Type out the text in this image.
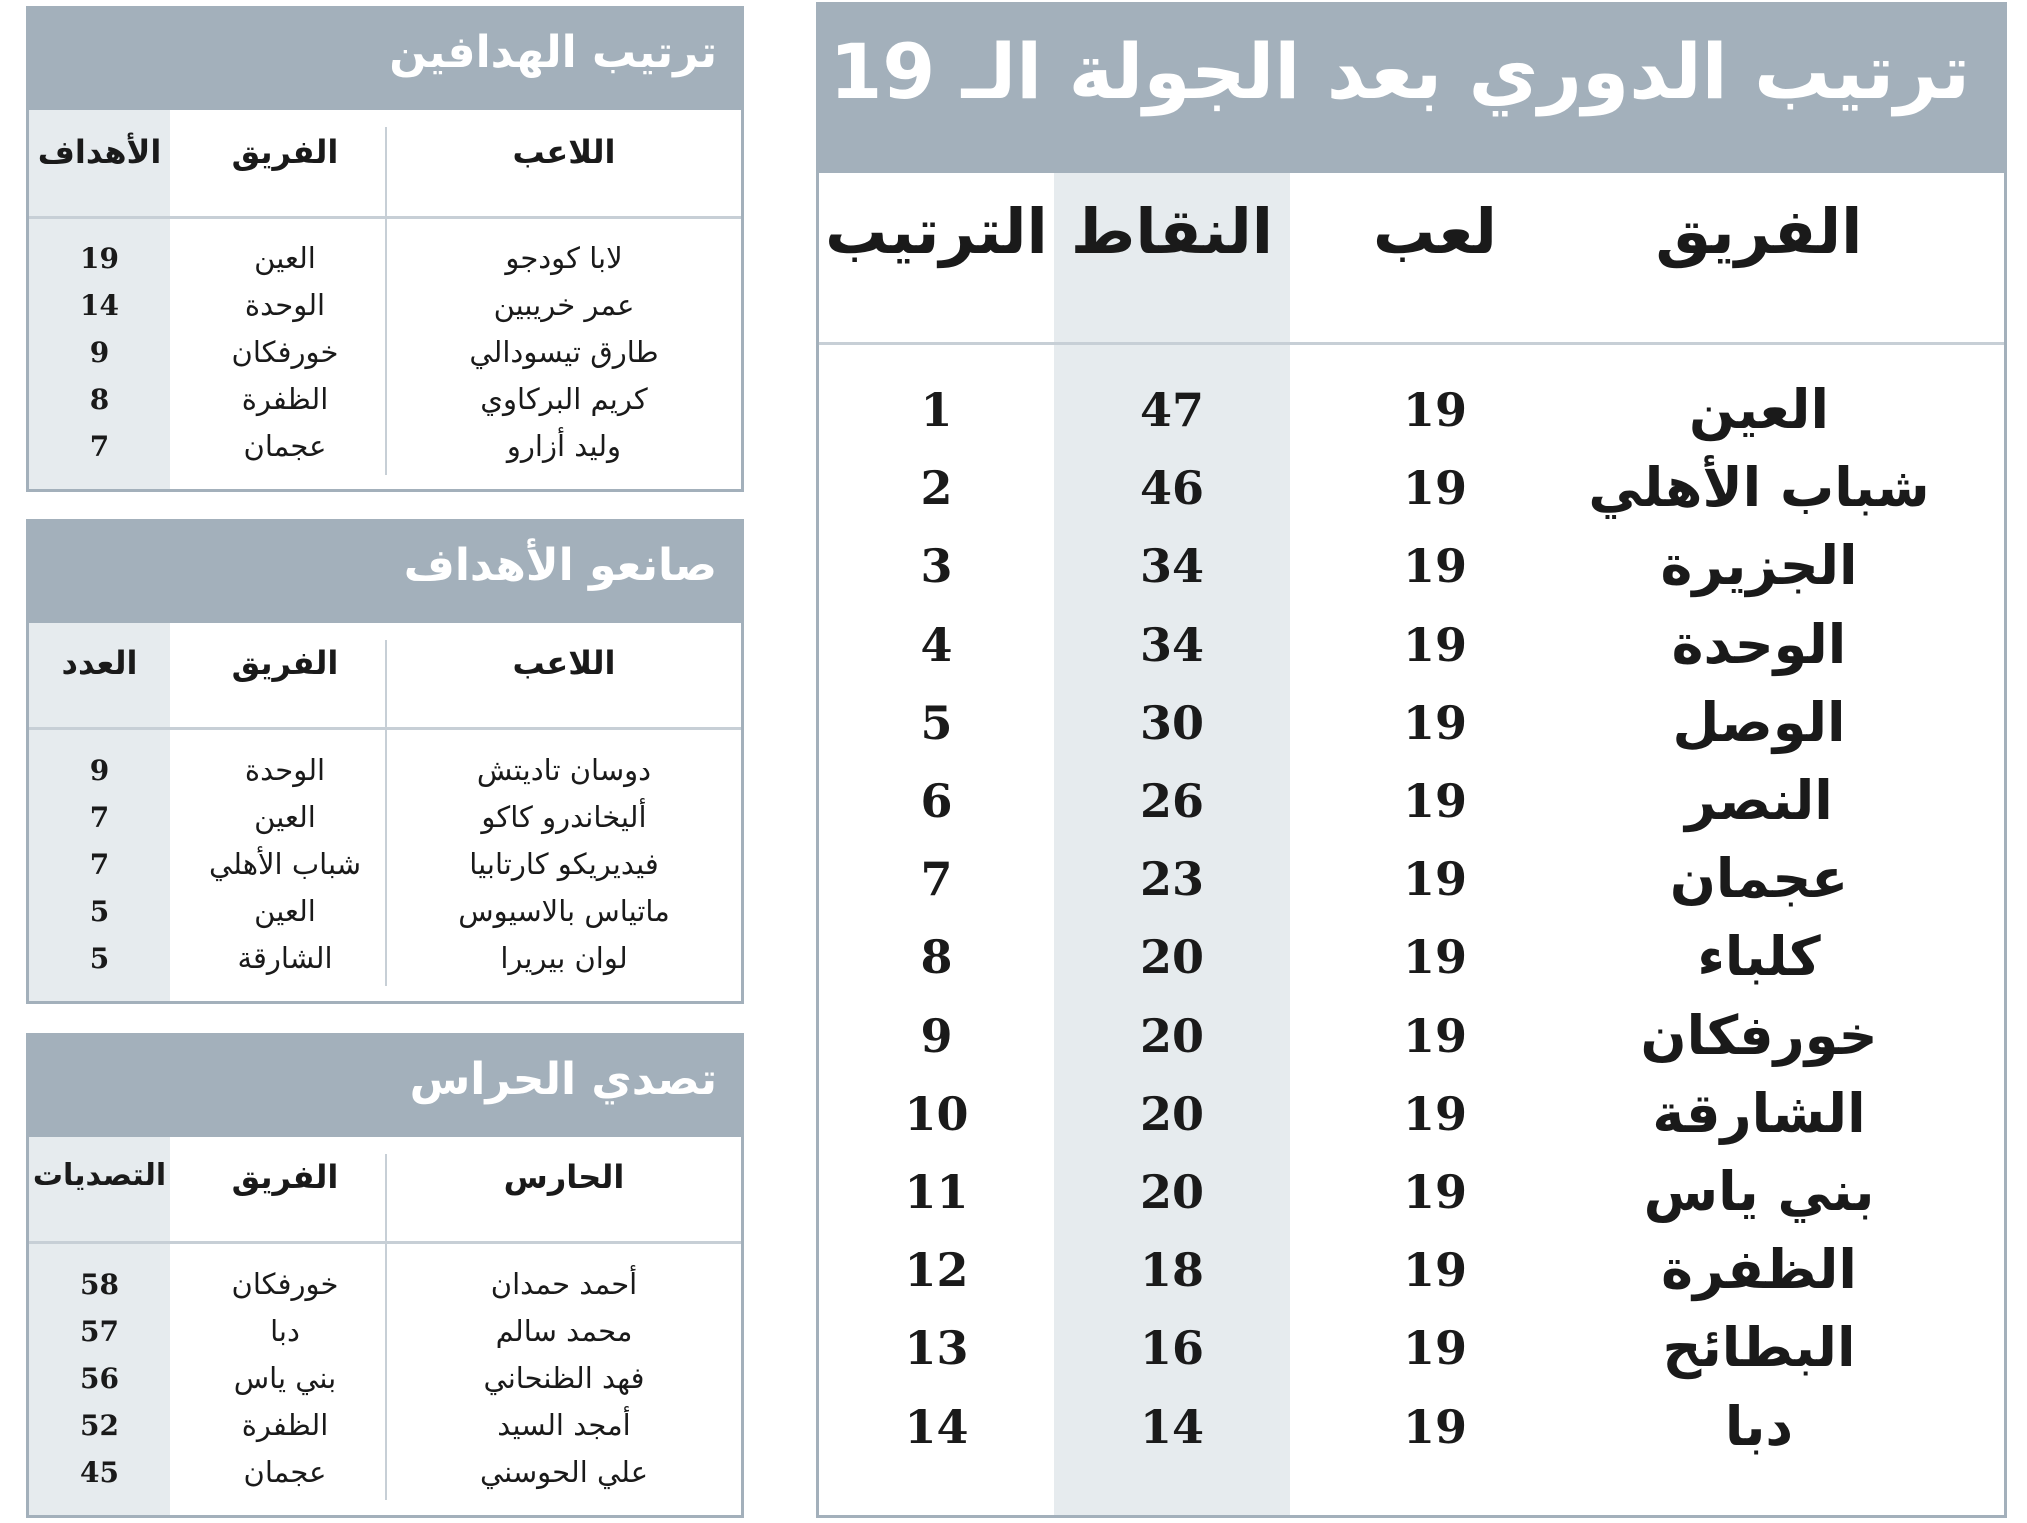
ترتيب الهدافين
اللاعب
الفريق
الأهداف
لابا كودجو
العين
19
عمر خريبين
الوحدة
14
طارق تيسودالي
خورفكان
9
كريم البركاوي
الظفرة
8
وليد أزارو
عجمان
7
صانعو الأهداف
اللاعب
الفريق
العدد
دوسان تاديتش
الوحدة
9
أليخاندرو كاكو
العين
7
فيديريكو كارتابيا
شباب الأهلي
7
ماتياس بالاسيوس
العين
5
لوان بيريرا
الشارقة
5
تصدي الحراس
الحارس
الفريق
التصديات
أحمد حمدان
خورفكان
58
محمد سالم
دبا
57
فهد الظنحاني
بني ياس
56
أمجد السيد
الظفرة
52
علي الحوسني
عجمان
45
ترتيب الدوري بعد الجولة الـ 19
الفريق
لعب
النقاط
الترتيب
العين
19
47
1
شباب الأهلي
19
46
2
الجزيرة
19
34
3
الوحدة
19
34
4
الوصل
19
30
5
النصر
19
26
6
عجمان
19
23
7
كلباء
19
20
8
خورفكان
19
20
9
الشارقة
19
20
10
بني ياس
19
20
11
الظفرة
19
18
12
البطائح
19
16
13
دبا
19
14
14
